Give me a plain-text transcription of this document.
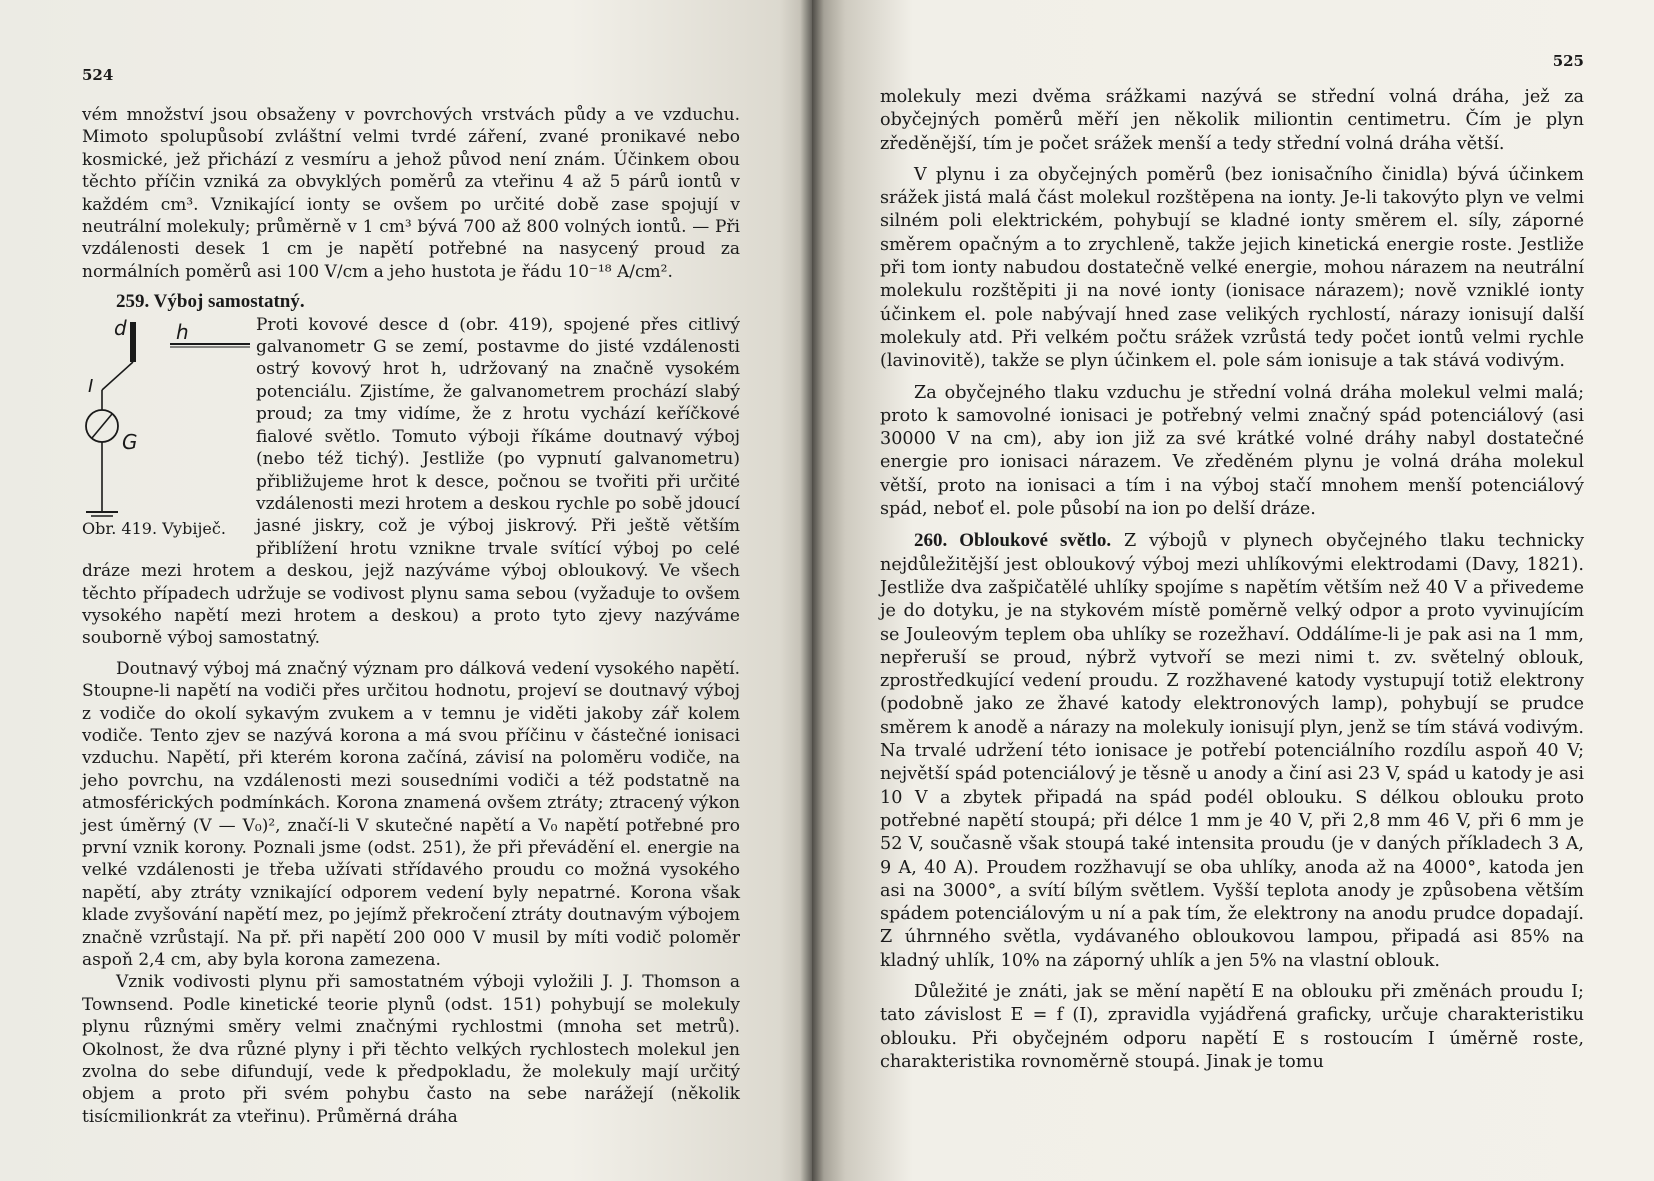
524

vém množství jsou obsaženy v povrchových vrstvách půdy a ve vzduchu. Mimoto spolupůsobí zvláštní velmi tvrdé záření, zvané pronikavé nebo kosmické, jež přichází z vesmíru a jehož původ není znám. Účinkem obou těchto příčin vzniká za obvyklých poměrů za vteřinu 4 až 5 párů iontů v každém cm³. Vznikající ionty se ovšem po určité době zase spojují v neutrální molekuly; průměrně v 1 cm³ bývá 700 až 800 volných iontů. — Při vzdálenosti desek 1 cm je napětí potřebné na nasycený proud za normálních poměrů asi 100 V/cm a jeho hustota je řádu 10⁻¹⁸ A/cm².

259. Výboj samostatný.

d h
I
G
Obr. 419. Vybiječ.

Proti kovové desce d (obr. 419), spojené přes citlivý galvanometr G se zemí, postavme do jisté vzdálenosti ostrý kovový hrot h, udržovaný na značně vysokém potenciálu. Zjistíme, že galvanometrem prochází slabý proud; za tmy vidíme, že z hrotu vychází keříčkové fialové světlo. Tomuto výboji říkáme doutnavý výboj (nebo též tichý). Jestliže (po vypnutí galvanometru) přibližujeme hrot k desce, počnou se tvořiti při určité vzdálenosti mezi hrotem a deskou rychle po sobě jdoucí jasné jiskry, což je výboj jiskrový. Při ještě větším přiblížení hrotu vznikne trvale svítící výboj po celé dráze mezi hrotem a deskou, jejž nazýváme výboj obloukový. Ve všech těchto případech udržuje se vodivost plynu sama sebou (vyžaduje to ovšem vysokého napětí mezi hrotem a deskou) a proto tyto zjevy nazýváme souborně výboj samostatný.

Doutnavý výboj má značný význam pro dálková vedení vysokého napětí. Stoupne-li napětí na vodiči přes určitou hodnotu, projeví se doutnavý výboj z vodiče do okolí sykavým zvukem a v temnu je viděti jakoby zář kolem vodiče. Tento zjev se nazývá korona a má svou příčinu v částečné ionisaci vzduchu. Napětí, při kterém korona začíná, závisí na poloměru vodiče, na jeho povrchu, na vzdálenosti mezi sousedními vodiči a též podstatně na atmosférických podmínkách. Korona znamená ovšem ztráty; ztracený výkon jest úměrný (V — V₀)², značí-li V skutečné napětí a V₀ napětí potřebné pro první vznik korony. Poznali jsme (odst. 251), že při převádění el. energie na velké vzdálenosti je třeba užívati střídavého proudu co možná vysokého napětí, aby ztráty vznikající odporem vedení byly nepatrné. Korona však klade zvyšování napětí mez, po jejímž překročení ztráty doutnavým výbojem značně vzrůstají. Na př. při napětí 200 000 V musil by míti vodič poloměr aspoň 2,4 cm, aby byla korona zamezena.

Vznik vodivosti plynu při samostatném výboji vyložili J. J. Thomson a Townsend. Podle kinetické teorie plynů (odst. 151) pohybují se molekuly plynu různými směry velmi značnými rychlostmi (mnoha set metrů). Okolnost, že dva různé plyny i při těchto velkých rychlostech molekul jen zvolna do sebe difundují, vede k předpokladu, že molekuly mají určitý objem a proto při svém pohybu často na sebe narážejí (několik tisícmilionkrát za vteřinu). Průměrná dráha

525

molekuly mezi dvěma srážkami nazývá se střední volná dráha, jež za obyčejných poměrů měří jen několik miliontin centimetru. Čím je plyn zředěnější, tím je počet srážek menší a tedy střední volná dráha větší.

V plynu i za obyčejných poměrů (bez ionisačního činidla) bývá účinkem srážek jistá malá část molekul rozštěpena na ionty. Je-li takovýto plyn ve velmi silném poli elektrickém, pohybují se kladné ionty směrem el. síly, záporné směrem opačným a to zrychleně, takže jejich kinetická energie roste. Jestliže při tom ionty nabudou dostatečně velké energie, mohou nárazem na neutrální molekulu rozštěpiti ji na nové ionty (ionisace nárazem); nově vzniklé ionty účinkem el. pole nabývají hned zase velikých rychlostí, nárazy ionisují další molekuly atd. Při velkém počtu srážek vzrůstá tedy počet iontů velmi rychle (lavinovitě), takže se plyn účinkem el. pole sám ionisuje a tak stává vodivým.

Za obyčejného tlaku vzduchu je střední volná dráha molekul velmi malá; proto k samovolné ionisaci je potřebný velmi značný spád potenciálový (asi 30000 V na cm), aby ion již za své krátké volné dráhy nabyl dostatečné energie pro ionisaci nárazem. Ve zředěném plynu je volná dráha molekul větší, proto na ionisaci a tím i na výboj stačí mnohem menší potenciálový spád, neboť el. pole působí na ion po delší dráze.

260. Obloukové světlo. Z výbojů v plynech obyčejného tlaku technicky nejdůležitější jest obloukový výboj mezi uhlíkovými elektrodami (Davy, 1821). Jestliže dva zašpičatělé uhlíky spojíme s napětím větším než 40 V a přivedeme je do dotyku, je na stykovém místě poměrně velký odpor a proto vyvinujícím se Jouleovým teplem oba uhlíky se rozežhaví. Oddálíme-li je pak asi na 1 mm, nepřeruší se proud, nýbrž vytvoří se mezi nimi t. zv. světelný oblouk, zprostředkující vedení proudu. Z rozžhavené katody vystupují totiž elektrony (podobně jako ze žhavé katody elektronových lamp), pohybují se prudce směrem k anodě a nárazy na molekuly ionisují plyn, jenž se tím stává vodivým. Na trvalé udržení této ionisace je potřebí potenciálního rozdílu aspoň 40 V; největší spád potenciálový je těsně u anody a činí asi 23 V, spád u katody je asi 10 V a zbytek připadá na spád podél oblouku. S délkou oblouku proto potřebné napětí stoupá; při délce 1 mm je 40 V, při 2,8 mm 46 V, při 6 mm je 52 V, současně však stoupá také intensita proudu (je v daných příkladech 3 A, 9 A, 40 A). Proudem rozžhavují se oba uhlíky, anoda až na 4000°, katoda jen asi na 3000°, a svítí bílým světlem. Vyšší teplota anody je způsobena větším spádem potenciálovým u ní a pak tím, že elektrony na anodu prudce dopadají. Z úhrnného světla, vydávaného obloukovou lampou, připadá asi 85% na kladný uhlík, 10% na záporný uhlík a jen 5% na vlastní oblouk.

Důležité je znáti, jak se mění napětí E na oblouku při změnách proudu I; tato závislost E = f (I), zpravidla vyjádřená graficky, určuje charakteristiku oblouku. Při obyčejném odporu napětí E s rostoucím I úměrně roste, charakteristika rovnoměrně stoupá. Jinak je tomu
